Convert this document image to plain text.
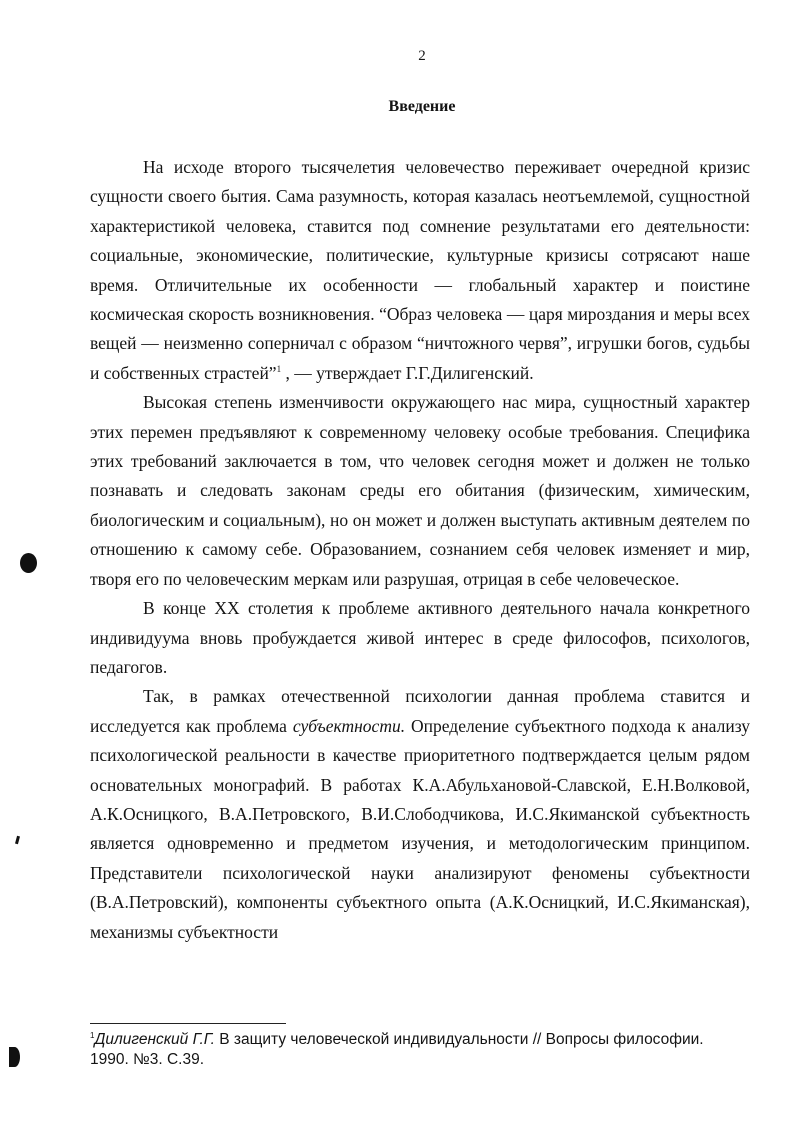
2
Введение

На исходе второго тысячелетия человечество переживает очередной кризис сущности своего бытия. Сама разумность, которая казалась неотъемлемой, сущностной характеристикой человека, ставится под сомнение результатами его деятельности: социальные, экономические, политические, культурные кризисы сотрясают наше время. Отличительные их особенности — глобальный характер и поистине космическая скорость возникновения. “Образ человека — царя мироздания и меры всех вещей — неизменно соперничал с образом “ничтожного червя”, игрушки богов, судьбы и собственных страстей”$^1$ , — утверждает Г.Г.Дилигенский.

Высокая степень изменчивости окружающего нас мира, сущностный характер этих перемен предъявляют к современному человеку особые требования. Специфика этих требований заключается в том, что человек сегодня может и должен не только познавать и следовать законам среды его обитания (физическим, химическим, биологическим и социальным), но он может и должен выступать активным деятелем по отношению к самому себе. Образованием, сознанием себя человек изменяет и мир, творя его по человеческим меркам или разрушая, отрицая в себе человеческое.

В конце XX столетия к проблеме активного деятельного начала конкретного индивидуума вновь пробуждается живой интерес в среде философов, психологов, педагогов.

Так, в рамках отечественной психологии данная проблема ставится и исследуется как проблема субъектности. Определение субъектного подхода к анализу психологической реальности в качестве приоритетного подтверждается целым рядом основательных монографий. В работах К.А.Абульхановой-Славской, Е.Н.Волковой, А.К.Осницкого, В.А.Петровского, В.И.Слободчикова, И.С.Якиманской субъектность является одновременно и предметом изучения, и методологическим принципом. Представители психологической науки анализируют феномены субъектности (В.А.Петровский), компоненты субъектного опыта (А.К.Осницкий, И.С.Якиманская), механизмы субъектности

$^1$Дилигенский Г.Г. В защиту человеческой индивидуальности // Вопросы философии. 1990. №3. С.39.
